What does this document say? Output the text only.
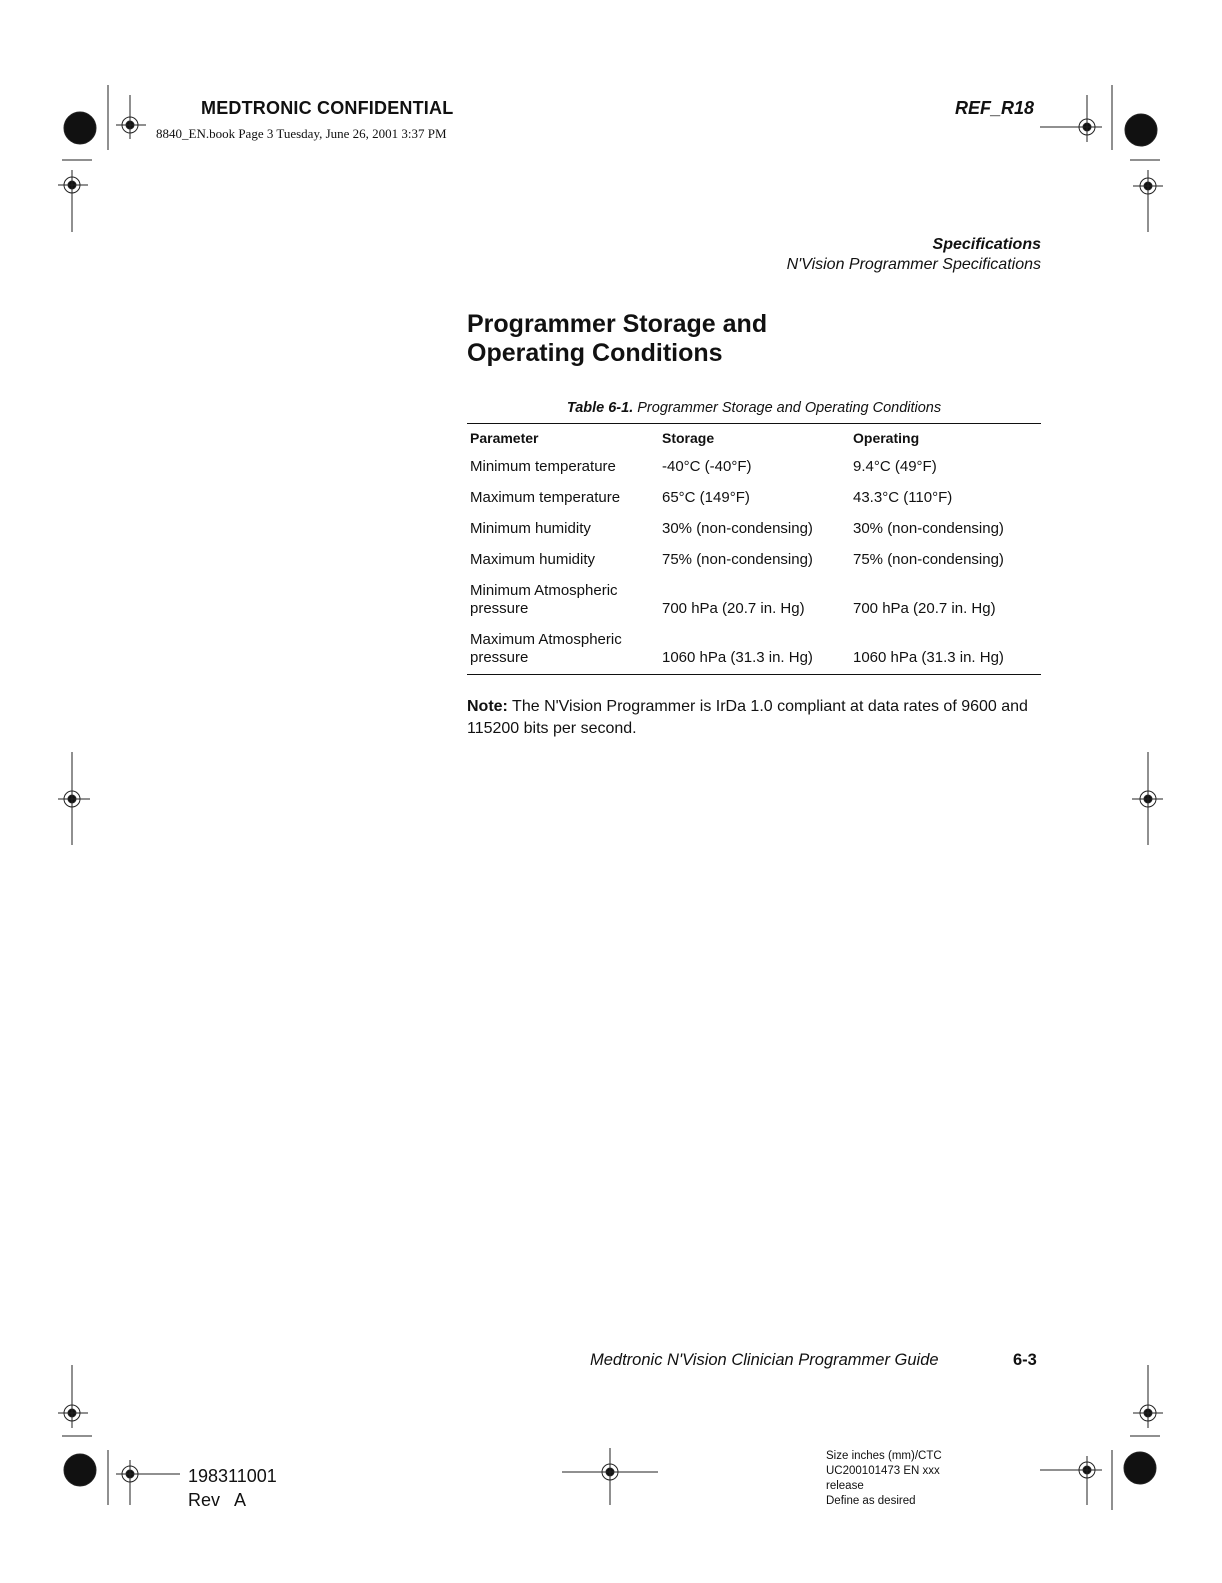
MEDTRONIC CONFIDENTIAL
8840_EN.book Page 3 Tuesday, June 26, 2001 3:37 PM
REF_R18
Specifications
N'Vision Programmer Specifications
Programmer Storage and
Operating Conditions
Table 6-1. Programmer Storage and Operating Conditions
Parameter	Storage	Operating

Minimum temperature	-40°C (-40°F)	9.4°C (49°F)

Maximum temperature	65°C (149°F)	43.3°C (110°F)

Minimum humidity	30% (non-condensing)	30% (non-condensing)

Maximum humidity	75% (non-condensing)	75% (non-condensing)

Minimum Atmospheric
pressure	700 hPa (20.7 in. Hg)	700 hPa (20.7 in. Hg)

Maximum Atmospheric
pressure	1060 hPa (31.3 in. Hg)	1060 hPa (31.3 in. Hg)
Note: The N'Vision Programmer is IrDa 1.0 compliant at data rates of 9600 and 115200 bits per second.
Medtronic N'Vision Clinician Programmer Guide	6-3
198311001
Rev   A
Size inches (mm)/CTC
UC200101473 EN xxx
release
Define as desired
